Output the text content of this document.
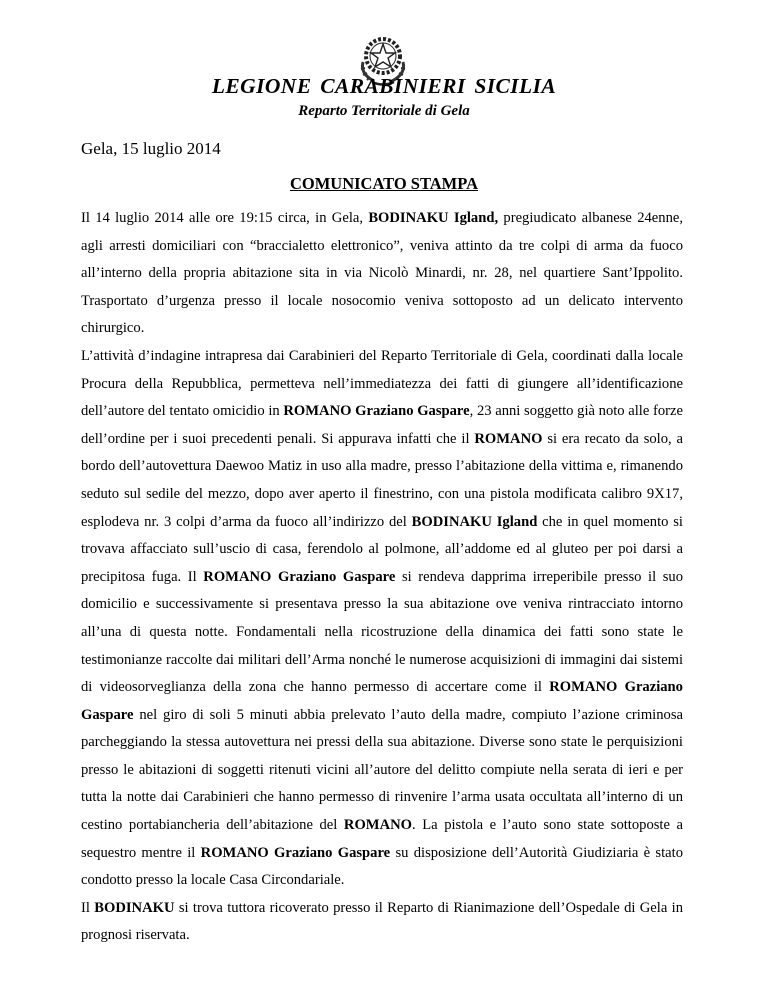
LEGIONE CARABINIERI SICILIA
Reparto Territoriale di Gela
Gela, 15 luglio 2014
COMUNICATO STAMPA

Il 14 luglio 2014 alle ore 19:15 circa, in Gela, BODINAKU Igland, pregiudicato albanese 24enne, agli arresti domiciliari con “braccialetto elettronico”, veniva attinto da tre colpi di arma da fuoco all’interno della propria abitazione sita in via Nicolò Minardi, nr. 28, nel quartiere Sant’Ippolito. Trasportato d’urgenza presso il locale nosocomio veniva sottoposto ad un delicato intervento chirurgico.

L’attività d’indagine intrapresa dai Carabinieri del Reparto Territoriale di Gela, coordinati dalla locale Procura della Repubblica, permetteva nell’immediatezza dei fatti di giungere all’identificazione dell’autore del tentato omicidio in ROMANO Graziano Gaspare, 23 anni soggetto già noto alle forze dell’ordine per i suoi precedenti penali. Si appurava infatti che il ROMANO si era recato da solo, a bordo dell’autovettura Daewoo Matiz in uso alla madre, presso l’abitazione della vittima e, rimanendo seduto sul sedile del mezzo, dopo aver aperto il finestrino, con una pistola modificata calibro 9X17, esplodeva nr. 3 colpi d’arma da fuoco all’indirizzo del BODINAKU Igland che in quel momento si trovava affacciato sull’uscio di casa, ferendolo al polmone, all’addome ed al gluteo per poi darsi a precipitosa fuga. Il ROMANO Graziano Gaspare si rendeva dapprima irreperibile presso il suo domicilio e successivamente si presentava presso la sua abitazione ove veniva rintracciato intorno all’una di questa notte. Fondamentali nella ricostruzione della dinamica dei fatti sono state le testimonianze raccolte dai militari dell’Arma nonché le numerose acquisizioni di immagini dai sistemi di videosorveglianza della zona che hanno permesso di accertare come il ROMANO Graziano Gaspare nel giro di soli 5 minuti abbia prelevato l’auto della madre, compiuto l’azione criminosa parcheggiando la stessa autovettura nei pressi della sua abitazione. Diverse sono state le perquisizioni presso le abitazioni di soggetti ritenuti vicini all’autore del delitto compiute nella serata di ieri e per tutta la notte dai Carabinieri che hanno permesso di rinvenire l’arma usata occultata all’interno di un cestino portabiancheria dell’abitazione del ROMANO. La pistola e l’auto sono state sottoposte a sequestro mentre il ROMANO Graziano Gaspare su disposizione dell’Autorità Giudiziaria è stato condotto presso la locale Casa Circondariale.

Il BODINAKU si trova tuttora ricoverato presso il Reparto di Rianimazione dell’Ospedale di Gela in prognosi riservata.
